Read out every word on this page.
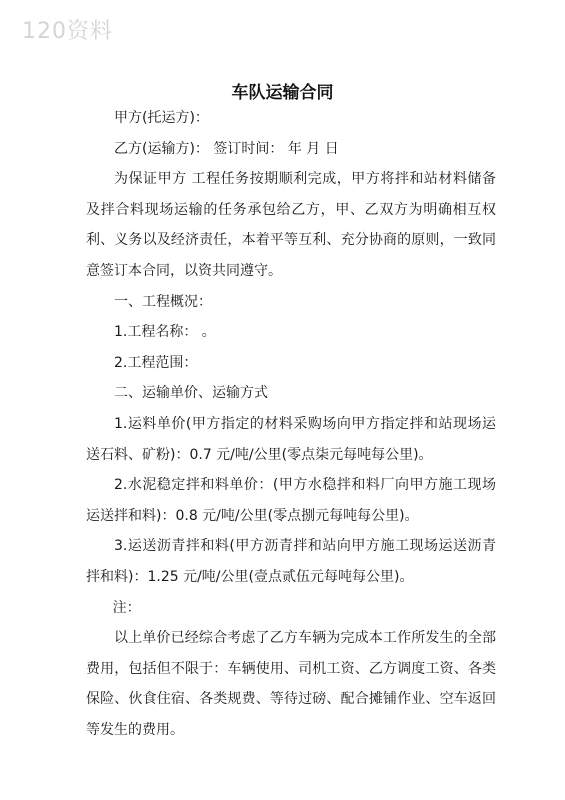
120资料
车队运输合同

甲方(托运方)：

乙方(运输方)： 签订时间： 年 月 日

为保证甲方 工程任务按期顺利完成，甲方将拌和站材料储备及拌合料现场运输的任务承包给乙方，甲、乙双方为明确相互权利、义务以及经济责任，本着平等互利、充分协商的原则，一致同意签订本合同，以资共同遵守。

一、工程概况：

1.工程名称： 。

2.工程范围：

二、运输单价、运输方式

1.运料单价(甲方指定的材料采购场向甲方指定拌和站现场运送石料、矿粉)：0.7 元/吨/公里(零点柒元每吨每公里)。

2.水泥稳定拌和料单价：(甲方水稳拌和料厂向甲方施工现场运送拌和料)：0.8 元/吨/公里(零点捌元每吨每公里)。

3.运送沥青拌和料(甲方沥青拌和站向甲方施工现场运送沥青拌和料)：1.25 元/吨/公里(壹点贰伍元每吨每公里)。

注：

以上单价已经综合考虑了乙方车辆为完成本工作所发生的全部费用，包括但不限于：车辆使用、司机工资、乙方调度工资、各类保险、伙食住宿、各类规费、等待过磅、配合摊铺作业、空车返回等发生的费用。
